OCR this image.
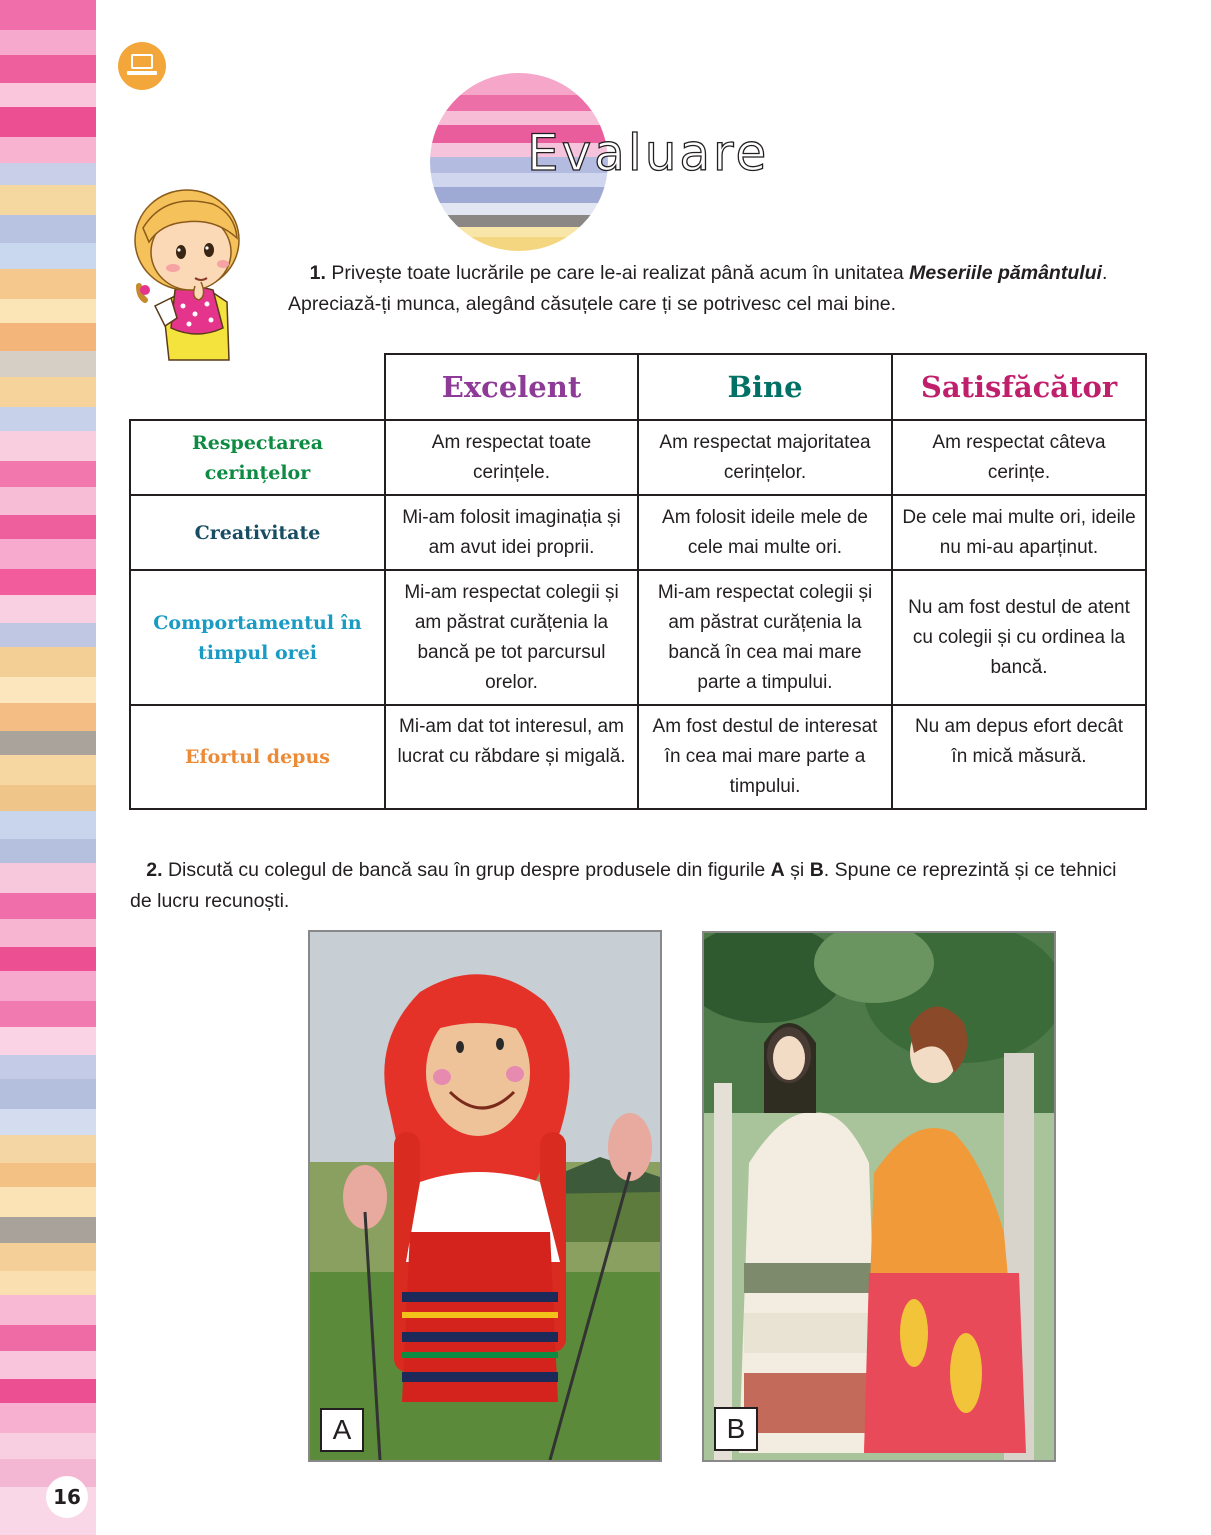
Evaluare
1. Privește toate lucrările pe care le-ai realizat până acum în unitatea Meseriile pământului. Apreciază-ți munca, alegând căsuțele care ți se potrivesc cel mai bine.
	Excelent	Bine	Satisfăcător
Respectarea cerințelor	Am respectat toate cerințele.	Am respectat majoritatea cerințelor.	Am respectat câteva cerințe.
Creativitate	Mi-am folosit imaginația și am avut idei proprii.	Am folosit ideile mele de cele mai multe ori.	De cele mai multe ori, ideile nu mi-au aparținut.
Comportamentul în timpul orei	Mi-am respectat colegii și am păstrat curățenia la bancă pe tot parcursul orelor.	Mi-am respectat colegii și am păstrat curățenia la bancă în cea mai mare parte a timpului.	Nu am fost destul de atent cu colegii și cu ordinea la bancă.
Efortul depus	Mi-am dat tot interesul, am lucrat cu răbdare și migală.	Am fost destul de interesat în cea mai mare parte a timpului.	Nu am depus efort decât în mică măsură.
2. Discută cu colegul de bancă sau în grup despre produsele din figurile A și B. Spune ce reprezintă și ce tehnici de lucru recunoști.
A	B
16
